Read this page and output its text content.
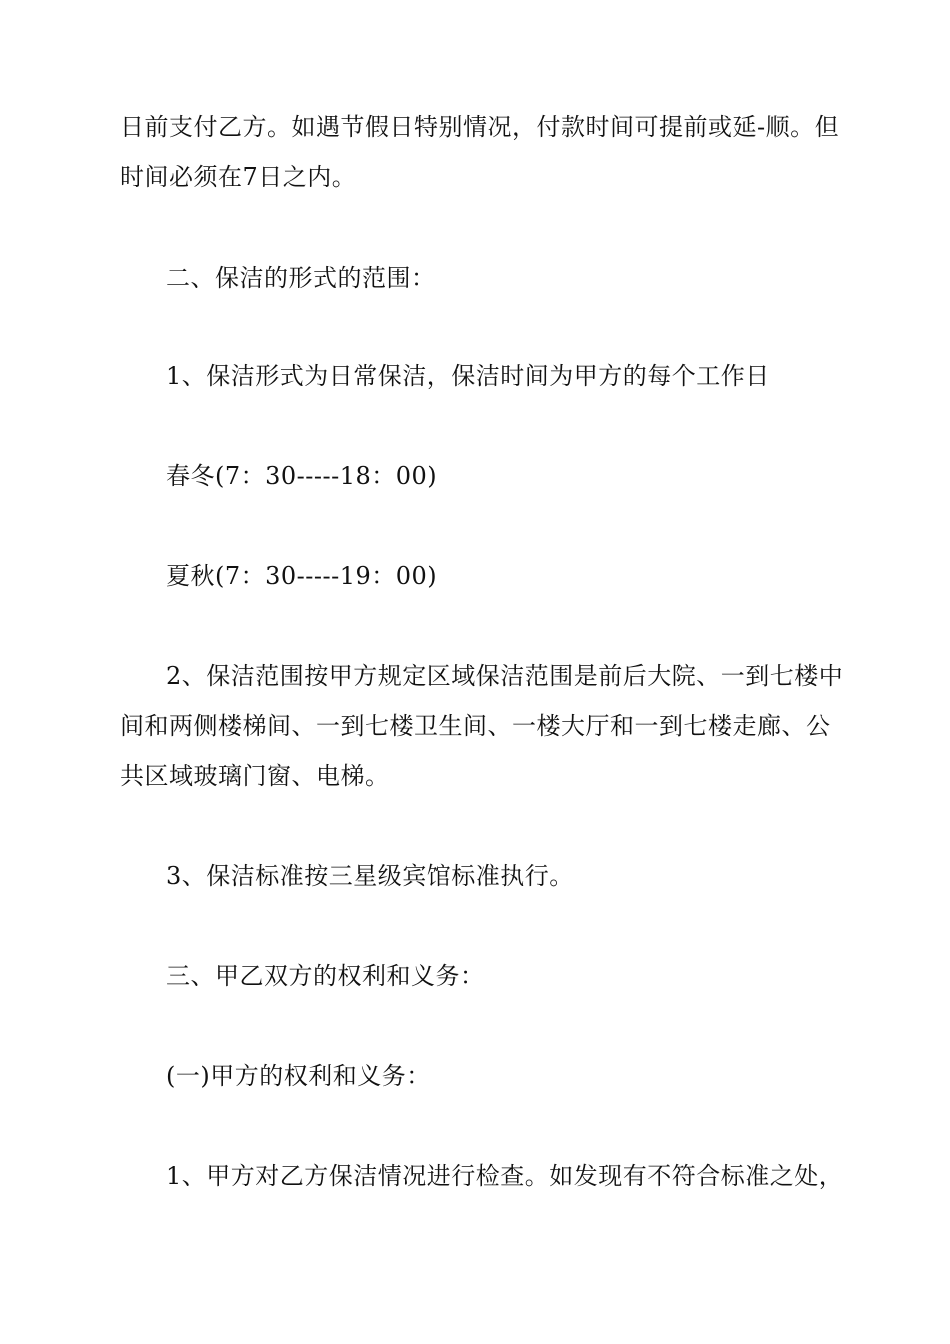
日前支付乙方。如遇节假日特别情况，付款时间可提前或延-顺。但
时间必须在7日之内。
二、保洁的形式的范围：
1、保洁形式为日常保洁，保洁时间为甲方的每个工作日
春冬(7：30-----18：00)
夏秋(7：30-----19：00)
2、保洁范围按甲方规定区域保洁范围是前后大院、一到七楼中
间和两侧楼梯间、一到七楼卫生间、一楼大厅和一到七楼走廊、公
共区域玻璃门窗、电梯。
3、保洁标准按三星级宾馆标准执行。
三、甲乙双方的权利和义务：
(一)甲方的权利和义务：
1、甲方对乙方保洁情况进行检查。如发现有不符合标准之处，
